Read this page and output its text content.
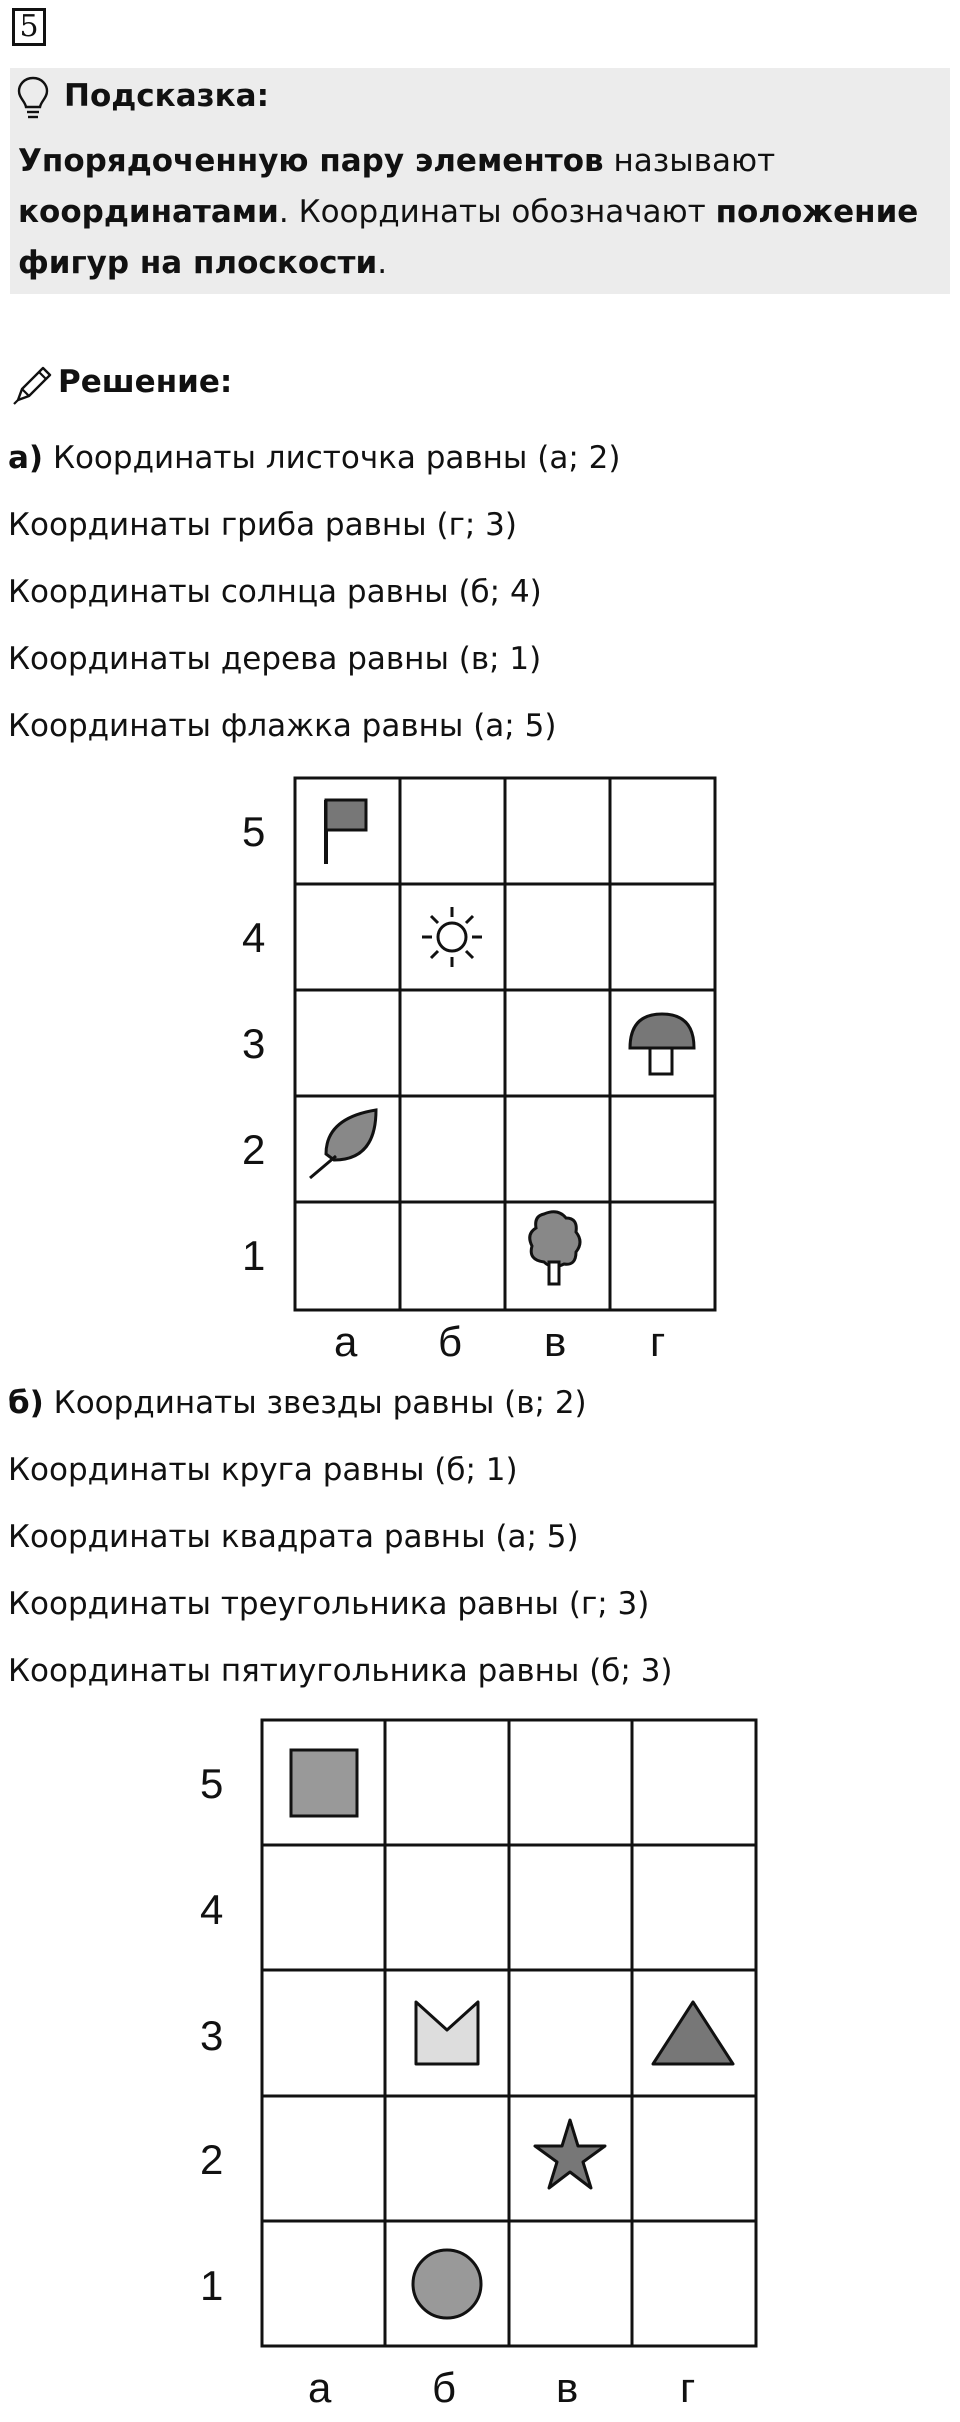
5
Подсказка:
Упорядоченную пару элементов называют
координатами. Координаты обозначают положение
фигур на плоскости.
Решение:
а) Координаты листочка равны (а; 2)
Координаты гриба равны (г; 3)
Координаты солнца равны (б; 4)
Координаты дерева равны (в; 1)
Координаты флажка равны (а; 5)
5
4
3
2
1
а б в г
б) Координаты звезды равны (в; 2)
Координаты круга равны (б; 1)
Координаты квадрата равны (а; 5)
Координаты треугольника равны (г; 3)
Координаты пятиугольника равны (б; 3)
5
4
3
2
1
а б в г
